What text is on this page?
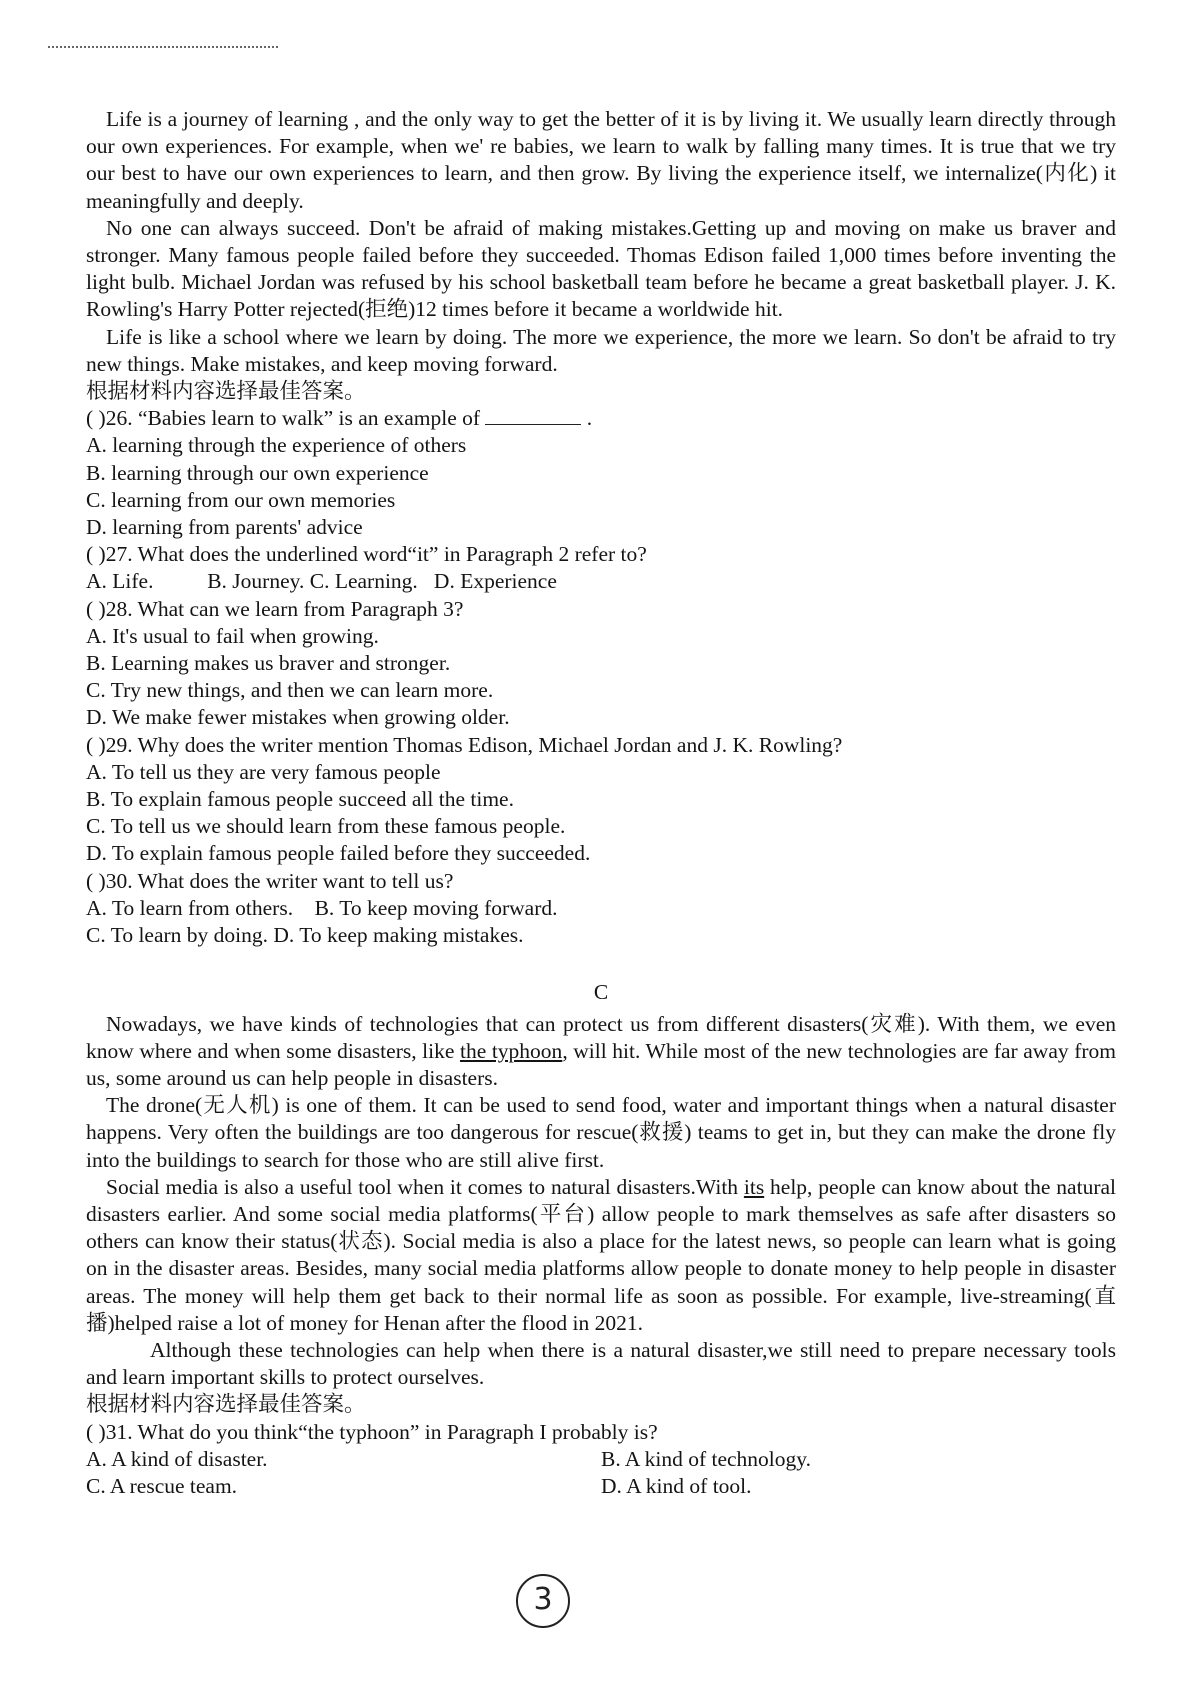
Life is a journey of learning , and the only way to get the better of it is by living it. We usually learn directly through our own experiences. For example, when we' re babies, we learn to walk by falling many times. It is true that we try our best to have our own experiences to learn, and then grow. By living the experience itself, we internalize(内化) it meaningfully and deeply.

No one can always succeed. Don't be afraid of making mistakes.Getting up and moving on make us braver and stronger. Many famous people failed before they succeeded. Thomas Edison failed 1,000 times before inventing the light bulb. Michael Jordan was refused by his school basketball team before he became a great basketball player. J. K. Rowling's Harry Potter rejected(拒绝)12 times before it became a worldwide hit.

Life is like a school where we learn by doing. The more we experience, the more we learn. So don't be afraid to try new things. Make mistakes, and keep moving forward.

根据材料内容选择最佳答案。

( )26. “Babies learn to walk” is an example of	.

A. learning through the experience of others

B. learning through our own experience

C. learning from our own memories

D. learning from parents' advice

( )27. What does the underlined word“it” in Paragraph 2 refer to?

A. Life.          B. Journey. C. Learning.   D. Experience

( )28. What can we learn from Paragraph 3?

A. It's usual to fail when growing.

B. Learning makes us braver and stronger.

C. Try new things, and then we can learn more.

D. We make fewer mistakes when growing older.

( )29. Why does the writer mention Thomas Edison, Michael Jordan and J. K. Rowling?

A. To tell us they are very famous people

B. To explain famous people succeed all the time.

C. To tell us we should learn from these famous people.

D. To explain famous people failed before they succeeded.

( )30. What does the writer want to tell us?

A. To learn from others.    B. To keep moving forward.

C. To learn by doing. D. To keep making mistakes.

C

Nowadays, we have kinds of technologies that can protect us from different disasters(灾难). With them, we even know where and when some disasters, like the typhoon, will hit. While most of the new technologies are far away from us, some around us can help people in disasters.

The drone(无人机) is one of them. It can be used to send food, water and important things when a natural disaster happens. Very often the buildings are too dangerous for rescue(救援) teams to get in, but they can make the drone fly into the buildings to search for those who are still alive first.

Social media is also a useful tool when it comes to natural disasters.With its help, people can know about the natural disasters earlier. And some social media platforms(平台) allow people to mark themselves as safe after disasters so others can know their status(状态). Social media is also a place for the latest news, so people can learn what is going on in the disaster areas. Besides, many social media platforms allow people to donate money to help people in disaster areas. The money will help them get back to their normal life as soon as possible. For example, live-streaming(直播)helped raise a lot of money for Henan after the flood in 2021.

Although these technologies can help when there is a natural disaster,we still need to prepare necessary tools and learn important skills to protect ourselves.

根据材料内容选择最佳答案。

( )31. What do you think“the typhoon” in Paragraph I probably is?

A. A kind of disaster.	B. A kind of technology.

C. A rescue team.	D. A kind of tool.

3
